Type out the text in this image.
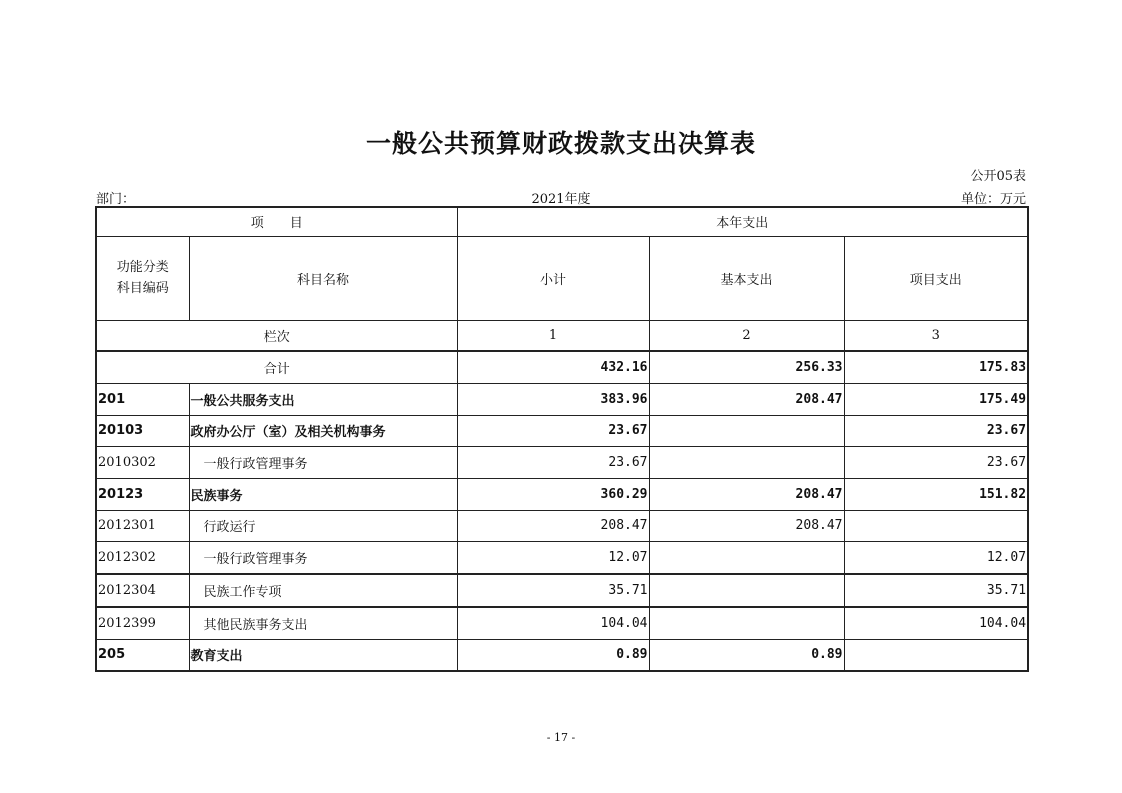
一般公共预算财政拨款支出决算表
公开05表
部门：	2021年度	单位：万元
项　　目		本年支出		
功能分类
科目编码	科目名称	小计	基本支出	项目支出
栏次		1	2	3
合计		432.16	256.33	175.83
201	一般公共服务支出	383.96	208.47	175.49
20103	政府办公厅（室）及相关机构事务	23.67		23.67
2010302	一般行政管理事务	23.67		23.67
20123	民族事务	360.29	208.47	151.82
2012301	行政运行	208.47	208.47	
2012302	一般行政管理事务	12.07		12.07
2012304	民族工作专项	35.71		35.71
2012399	其他民族事务支出	104.04		104.04
205	教育支出	0.89	0.89	
- 17 -
